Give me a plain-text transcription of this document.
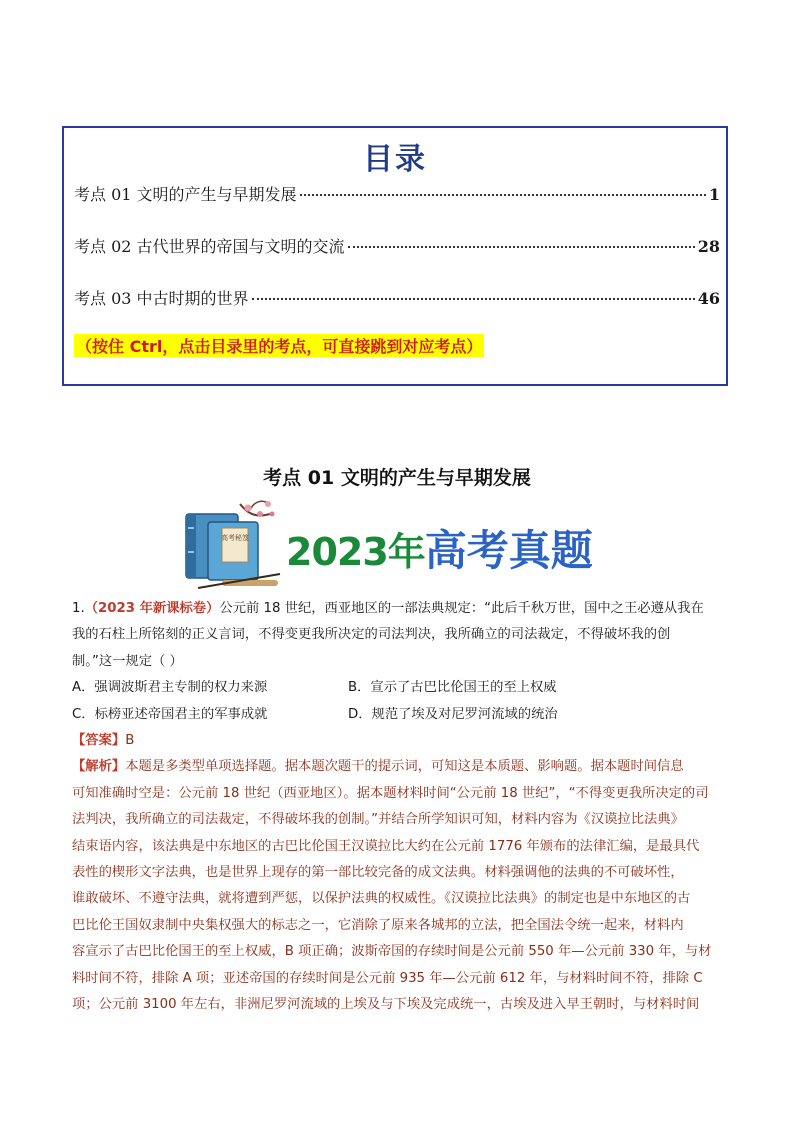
目录
考点 01 文明的产生与早期发展	1
考点 02 古代世界的帝国与文明的交流	28
考点 03 中古时期的世界	46
（按住 Ctrl，点击目录里的考点，可直接跳到对应考点）
考点 01 文明的产生与早期发展
高考秘笈 2023年高考真题

1.（2023 年新课标卷）公元前 18 世纪，西亚地区的一部法典规定：“此后千秋万世，国中之王必遵从我在

我的石柱上所铭刻的正义言词，不得变更我所决定的司法判决，我所确立的司法裁定，不得破坏我的创

制。”这一规定（ ）

A．强调波斯君主专制的权力来源	B．宣示了古巴比伦国王的至上权威
C．标榜亚述帝国君主的军事成就	D．规范了埃及对尼罗河流域的统治

【答案】B

【解析】本题是多类型单项选择题。据本题次题干的提示词，可知这是本质题、影响题。据本题时间信息

可知准确时空是：公元前 18 世纪（西亚地区）。据本题材料时间“公元前 18 世纪”，“不得变更我所决定的司

法判决，我所确立的司法裁定，不得破坏我的创制。”并结合所学知识可知，材料内容为《汉谟拉比法典》

结束语内容，该法典是中东地区的古巴比伦国王汉谟拉比大约在公元前 1776 年颁布的法律汇编，是最具代

表性的楔形文字法典，也是世界上现存的第一部比较完备的成文法典。材料强调他的法典的不可破坏性，

谁敢破坏、不遵守法典，就将遭到严惩，以保护法典的权威性。《汉谟拉比法典》的制定也是中东地区的古

巴比伦王国奴隶制中央集权强大的标志之一，它消除了原来各城邦的立法，把全国法令统一起来，材料内

容宣示了古巴比伦国王的至上权威，B 项正确；波斯帝国的存续时间是公元前 550 年—公元前 330 年，与材

料时间不符，排除 A 项；亚述帝国的存续时间是公元前 935 年—公元前 612 年，与材料时间不符，排除 C

项；公元前 3100 年左右，非洲尼罗河流域的上埃及与下埃及完成统一，古埃及进入早王朝时，与材料时间
